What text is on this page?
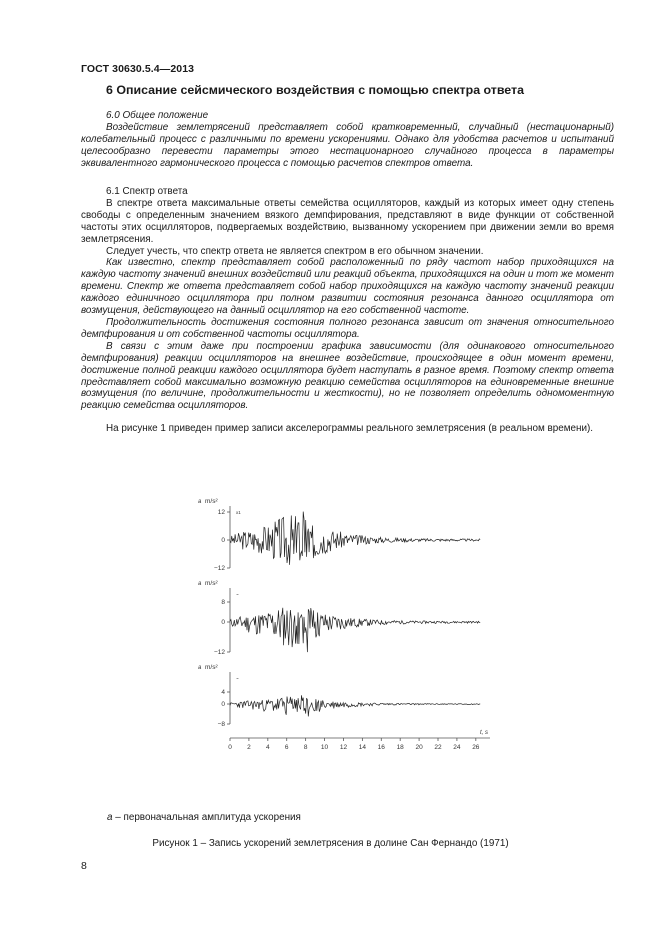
ГОСТ 30630.5.4—2013
6 Описание сейсмического воздействия с помощью спектра ответа

6.0 Общее положение

Воздействие землетрясений представляет собой кратковременный, случайный (нестационарный) колебательный процесс с различными по времени ускорениями. Однако для удобства расчетов и испытаний целесообразно перевести параметры этого нестационарного случайного процесса в параметры эквивалентного гармонического процесса с помощью расчетов спектров ответа.

6.1 Спектр ответа

В спектре ответа максимальные ответы семейства осцилляторов, каждый из которых имеет одну степень свободы с определенным значением вязкого демпфирования, представляют в виде функции от собственной частоты этих осцилляторов, подвергаемых воздействию, вызванному ускорением при движении земли во время землетрясения.

Следует учесть, что спектр ответа не является спектром в его обычном значении.

Как известно, спектр представляет собой расположенный по ряду частот набор приходящихся на каждую частоту значений внешних воздействий или реакций объекта, приходящихся на один и тот же момент времени. Спектр же ответа представляет собой набор приходящихся на каждую частоту значений реакции каждого единичного осциллятора при полном развитии состояния резонанса данного осциллятора от возмущения, действующего на данный осциллятор на его собственной частоте.

Продолжительность достижения состояния полного резонанса зависит от значения относительного демпфирования и от собственной частоты осциллятора.

В связи с этим даже при построении графика зависимости (для одинакового относительного демпфирования) реакции осцилляторов на внешнее воздействие, происходящее в один момент времени, достижение полной реакции каждого осциллятора будет наступать в разное время. Поэтому спектр ответа представляет собой максимально возможную реакцию семейства осцилляторов на единовременные внешние возмущения (по величине, продолжительности и жесткости), но не позволяет определить одномоментную реакцию семейства осцилляторов.

На рисунке 1 приведен пример записи акселерограммы реального землетрясения (в реальном времени).

a m/s²
12
0
−12
x1
a m/s²
8
0
−12
~
a m/s²
4
0
−8
~
0 2 4 6 8 10 12 14 16 18 20 22 24 26
t, s
a – первоначальная амплитуда ускорения
Рисунок 1 – Запись ускорений землетрясения в долине Сан Фернандо (1971)
8
